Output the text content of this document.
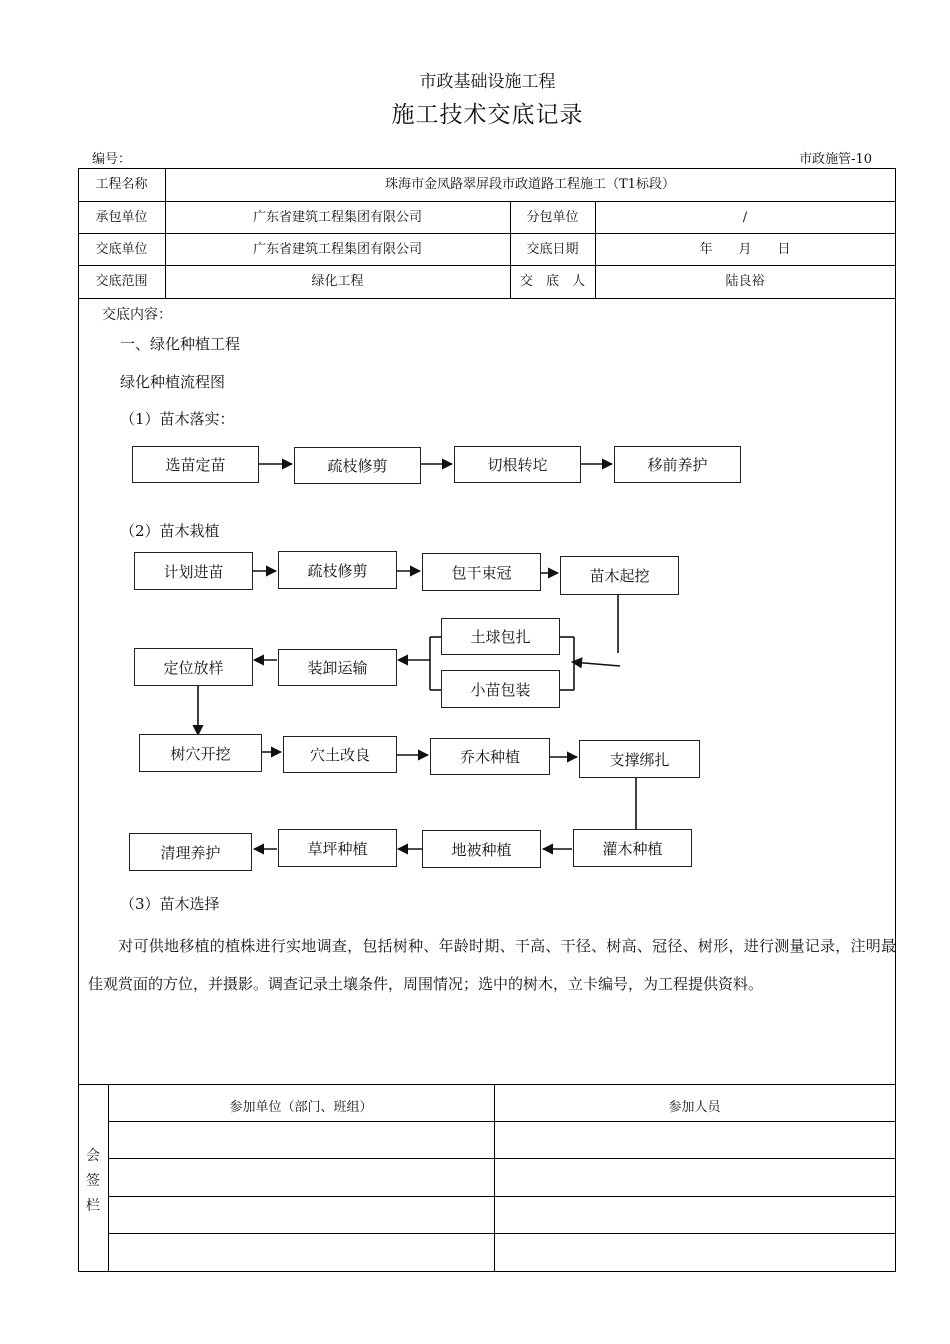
市政基础设施工程
施工技术交底记录
编号：	市政施管-10
工程名称	珠海市金凤路翠屏段市政道路工程施工（T1标段）
承包单位	广东省建筑工程集团有限公司	分包单位	/
交底单位	广东省建筑工程集团有限公司	交底日期	年　　月　　日
交底范围	绿化工程	交　底　人	陆良裕
交底内容：
一、绿化种植工程
绿化种植流程图
（1）苗木落实：
（2）苗木栽植
（3）苗木选择
选苗定苗	疏枝修剪	切根转坨	移前养护
计划进苗	疏枝修剪	包干束冠	苗木起挖
土球包扎
小苗包装
定位放样	装卸运输
树穴开挖	穴土改良	乔木种植	支撑绑扎
清理养护	草坪种植	地被种植	灌木种植
对可供地移植的植株进行实地调查，包括树种、年龄时期、干高、干径、树高、冠径、树形，进行测量记录，注明最佳观赏面的方位，并摄影。调查记录土壤条件，周围情况；选中的树木，立卡编号，为工程提供资料。
参加单位（部门、班组）	参加人员
会
签
栏
